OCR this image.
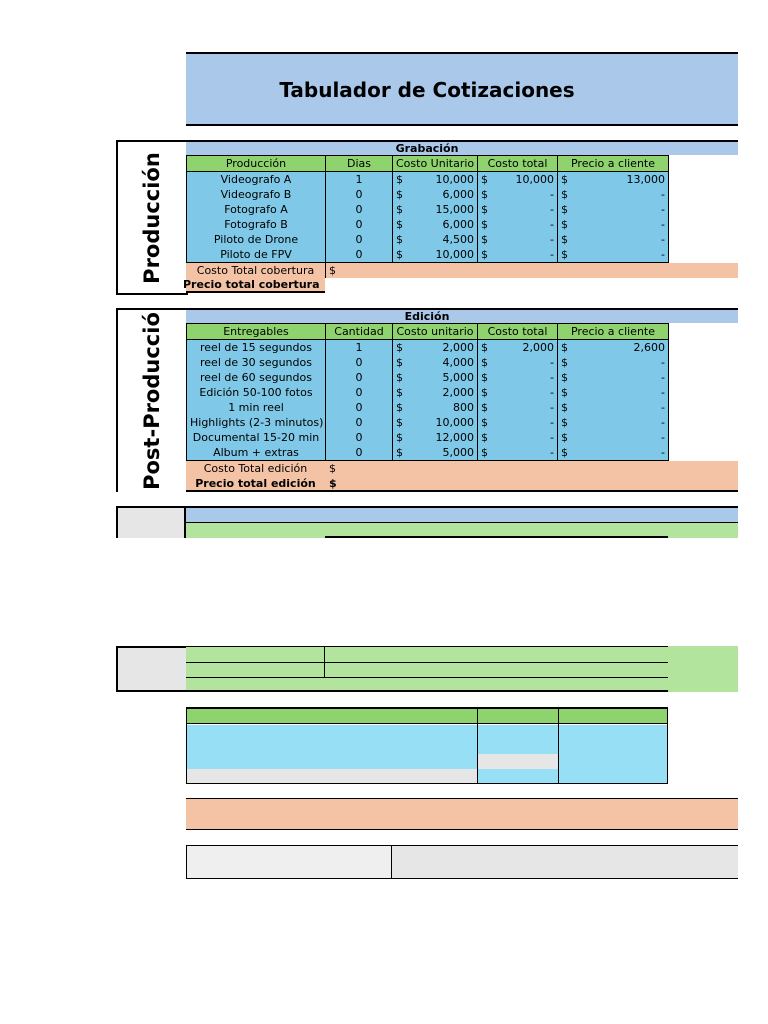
Tabulador de Cotizaciones
Producción
Grabación
Producción	Dias	Costo Unitario	Costo total	Precio a cliente
Videografo A	1	$ 10,000	$ 10,000	$ 13,000

Videografo B	0	$ 6,000	$ -	$ -

Fotografo A	0	$ 15,000	$ -	$ -

Fotografo B	0	$ 6,000	$ -	$ -

Piloto de Drone	0	$ 4,500	$ -	$ -

Piloto de FPV	0	$ 10,000	$ -	$ -
Costo Total cobertura	$
Precio total cobertura
Post-Producció	Edición
Entregables	Cantidad	Costo unitario	Costo total	Precio a cliente
reel de 15 segundos	1	$ 2,000	$ 2,000	$ 2,600

reel de 30 segundos	0	$ 4,000	$ -	$ -

reel de 60 segundos	0	$ 5,000	$ -	$ -

Edición 50-100 fotos	0	$ 2,000	$ -	$ -

1 min reel	0	$ 800	$ -	$ -

Highlights (2-3 minutos)	0	$ 10,000	$ -	$ -

Documental 15-20 min	0	$ 12,000	$ -	$ -

Album + extras	0	$ 5,000	$ -	$ -
Costo Total edición	$
Precio total edición	$
